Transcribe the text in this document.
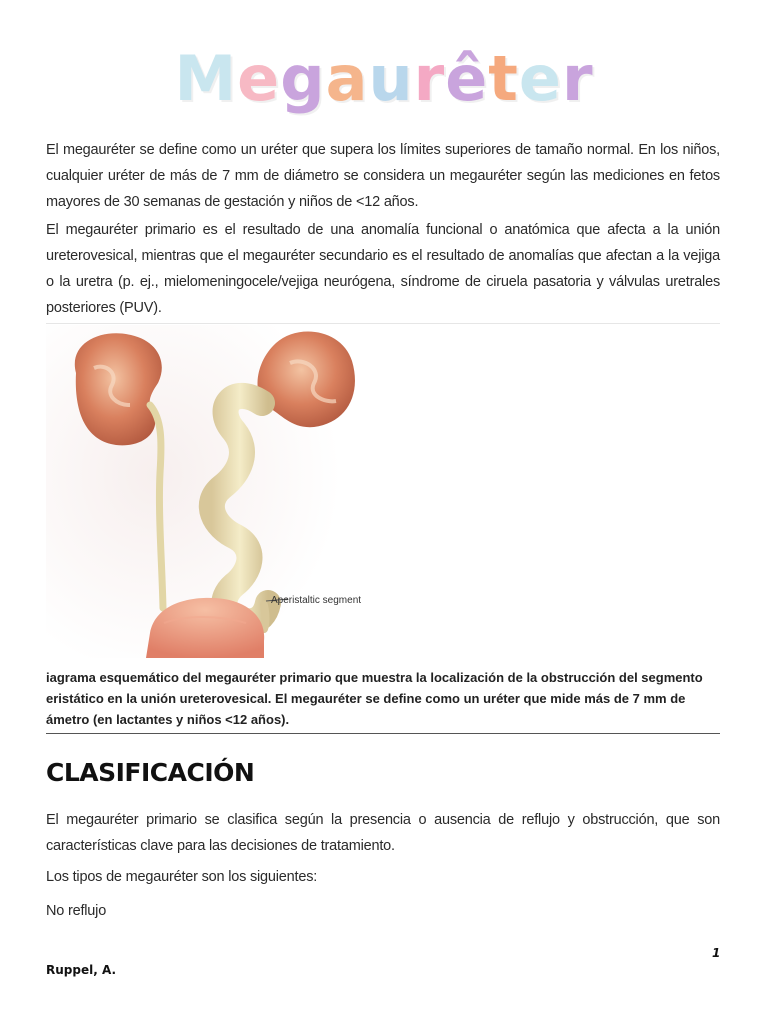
Megaurêter

El megauréter se define como un uréter que supera los límites superiores de tamaño normal. En los niños, cualquier uréter de más de 7 mm de diámetro se considera un megauréter según las mediciones en fetos mayores de 30 semanas de gestación y niños de <12 años.

El megauréter primario es el resultado de una anomalía funcional o anatómica que afecta a la unión ureterovesical, mientras que el megauréter secundario es el resultado de anomalías que afectan a la vejiga o la uretra (p. ej., mielomeningocele/vejiga neurógena, síndrome de ciruela pasatoria y válvulas uretrales posteriores (PUV).

Aperistaltic segment
iagrama esquemático del megauréter primario que muestra la localización de la obstrucción del segmento
eristático en la unión ureterovesical. El megauréter se define como un uréter que mide más de 7 mm de
ámetro (en lactantes y niños <12 años).
CLASIFICACIÓN

El megauréter primario se clasifica según la presencia o ausencia de reflujo y obstrucción, que son características clave para las decisiones de tratamiento.

Los tipos de megauréter son los siguientes:

No reflujo

1
Ruppel, A.
